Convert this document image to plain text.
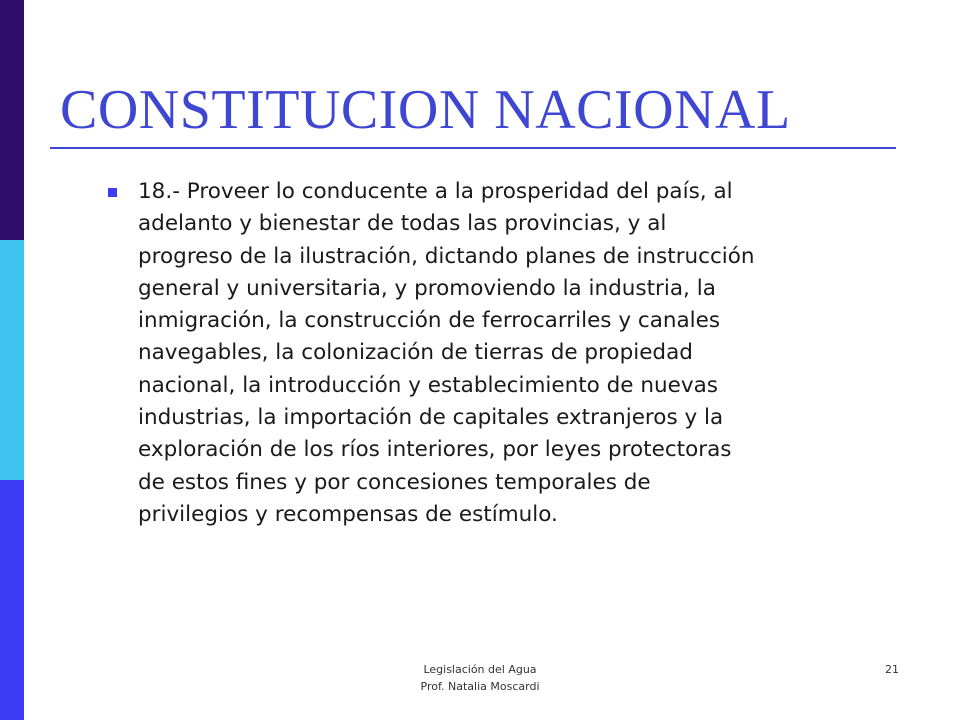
CONSTITUCION NACIONAL
18.- Proveer lo conducente a la prosperidad del país, al
adelanto y bienestar de todas las provincias, y al
progreso de la ilustración, dictando planes de instrucción
general y universitaria, y promoviendo la industria, la
inmigración, la construcción de ferrocarriles y canales
navegables, la colonización de tierras de propiedad
nacional, la introducción y establecimiento de nuevas
industrias, la importación de capitales extranjeros y la
exploración de los ríos interiores, por leyes protectoras
de estos fines y por concesiones temporales de
privilegios y recompensas de estímulo.
Legislación del Agua
Prof. Natalia Moscardi
21
